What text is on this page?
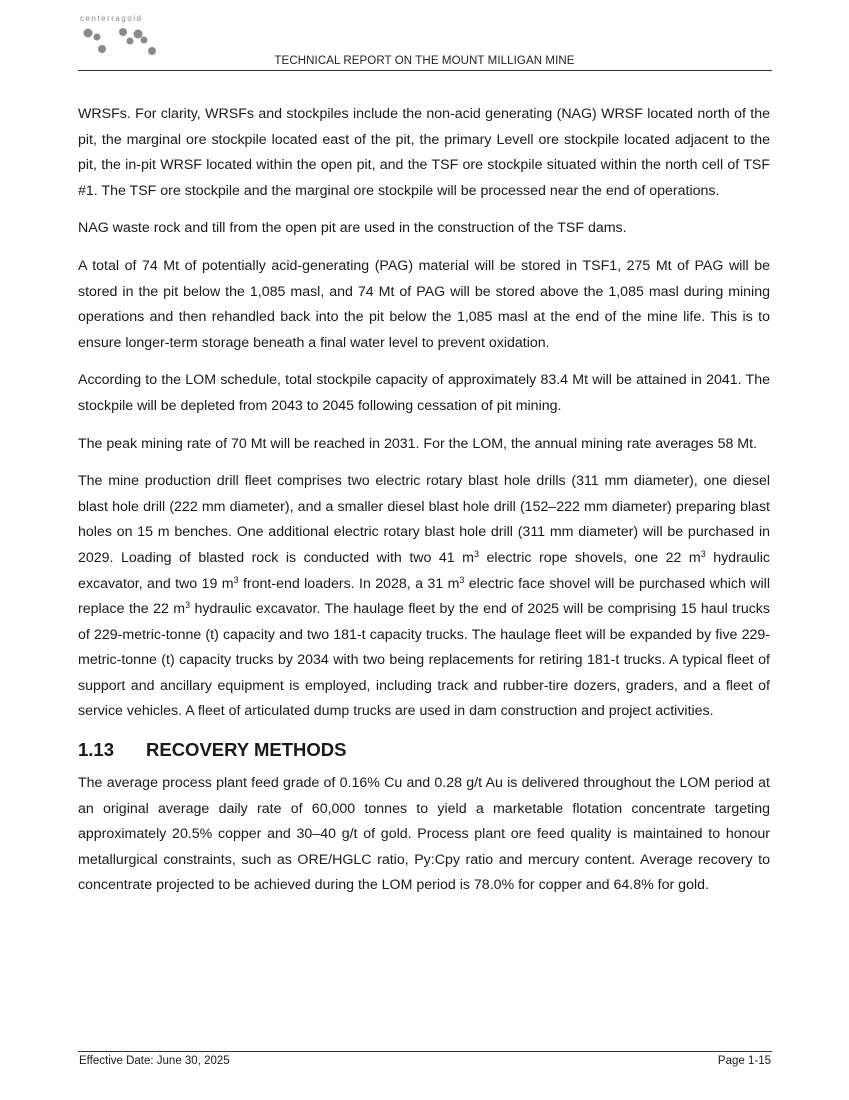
centerragold
TECHNICAL REPORT ON THE MOUNT MILLIGAN MINE

WRSFs. For clarity, WRSFs and stockpiles include the non-acid generating (NAG) WRSF located north of the pit, the marginal ore stockpile located east of the pit, the primary Levell ore stockpile located adjacent to the pit, the in-pit WRSF located within the open pit, and the TSF ore stockpile situated within the north cell of TSF #1. The TSF ore stockpile and the marginal ore stockpile will be processed near the end of operations.

NAG waste rock and till from the open pit are used in the construction of the TSF dams.

A total of 74 Mt of potentially acid-generating (PAG) material will be stored in TSF1, 275 Mt of PAG will be stored in the pit below the 1,085 masl, and 74 Mt of PAG will be stored above the 1,085 masl during mining operations and then rehandled back into the pit below the 1,085 masl at the end of the mine life. This is to ensure longer-term storage beneath a final water level to prevent oxidation.

According to the LOM schedule, total stockpile capacity of approximately 83.4 Mt will be attained in 2041. The stockpile will be depleted from 2043 to 2045 following cessation of pit mining.

The peak mining rate of 70 Mt will be reached in 2031. For the LOM, the annual mining rate averages 58 Mt.

The mine production drill fleet comprises two electric rotary blast hole drills (311 mm diameter), one diesel blast hole drill (222 mm diameter), and a smaller diesel blast hole drill (152–222 mm diameter) preparing blast holes on 15 m benches. One additional electric rotary blast hole drill (311 mm diameter) will be purchased in 2029. Loading of blasted rock is conducted with two 41 $m^3$ electric rope shovels, one 22 $m^3$ hydraulic excavator, and two 19 $m^3$ front-end loaders. In 2028, a 31 $m^3$ electric face shovel will be purchased which will replace the 22 $m^3$ hydraulic excavator. The haulage fleet by the end of 2025 will be comprising 15 haul trucks of 229-metric-tonne (t) capacity and two 181-t capacity trucks. The haulage fleet will be expanded by five 229-metric-tonne (t) capacity trucks by 2034 with two being replacements for retiring 181-t trucks. A typical fleet of support and ancillary equipment is employed, including track and rubber-tire dozers, graders, and a fleet of service vehicles. A fleet of articulated dump trucks are used in dam construction and project activities.

1.13 RECOVERY METHODS

The average process plant feed grade of 0.16% Cu and 0.28 g/t Au is delivered throughout the LOM period at an original average daily rate of 60,000 tonnes to yield a marketable flotation concentrate targeting approximately 20.5% copper and 30–40 g/t of gold. Process plant ore feed quality is maintained to honour metallurgical constraints, such as ORE/HGLC ratio, Py:Cpy ratio and mercury content. Average recovery to concentrate projected to be achieved during the LOM period is 78.0% for copper and 64.8% for gold.

Effective Date: June 30, 2025	Page 1-15
